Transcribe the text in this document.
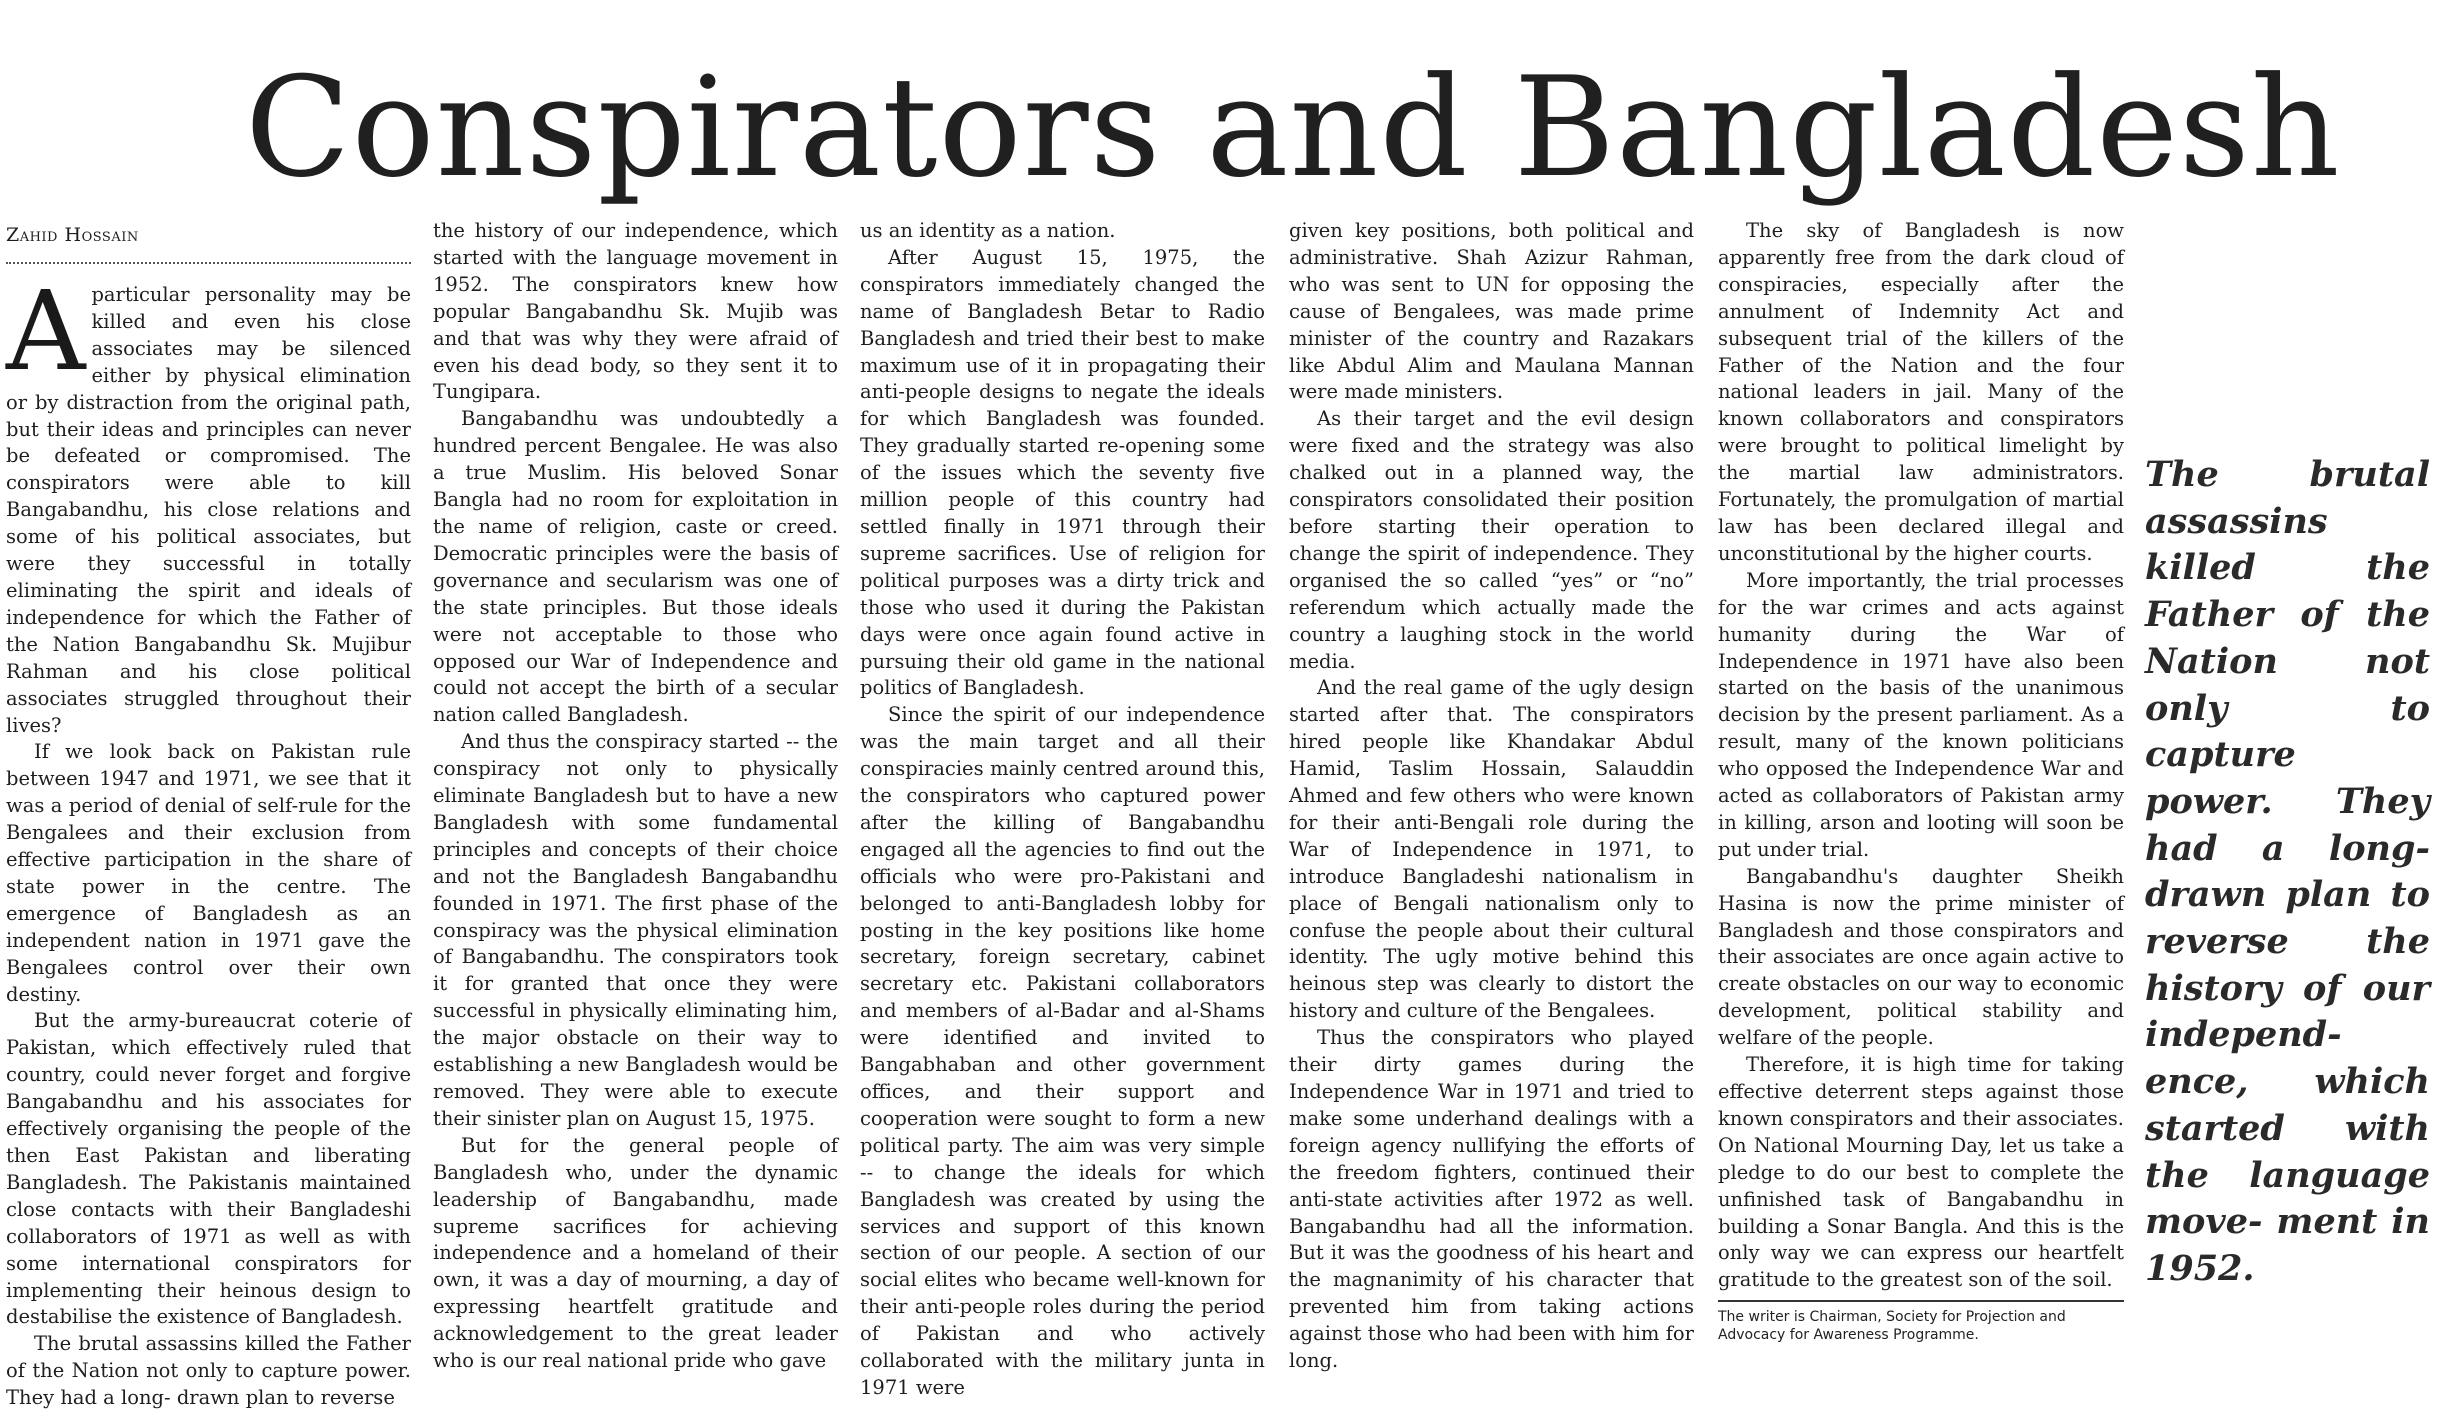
Conspirators and Bangladesh
Zahid Hossain

Aparticular personality may be killed and even his close associates may be silenced either by physical elimination or by distraction from the original path, but their ideas and principles can never be defeated or compromised. The conspirators were able to kill Bangabandhu, his close relations and some of his political associates, but were they successful in totally eliminating the spirit and ideals of independence for which the Father of the Nation Bangabandhu Sk. Mujibur Rahman and his close political associates struggled throughout their lives?

If we look back on Pakistan rule between 1947 and 1971, we see that it was a period of denial of self-rule for the Bengalees and their exclusion from effective participation in the share of state power in the centre. The emergence of Bangladesh as an independent nation in 1971 gave the Bengalees control over their own destiny.

But the army-bureaucrat coterie of Pakistan, which effectively ruled that country, could never forget and forgive Bangabandhu and his associates for effectively organising the people of the then East Pakistan and liberating Bangladesh. The Pakistanis maintained close contacts with their Bangladeshi collaborators of 1971 as well as with some international conspirators for implementing their heinous design to destabilise the existence of Bangladesh.

The brutal assassins killed the Father of the Nation not only to capture power. They had a long- drawn plan to reverse

the history of our independence, which started with the language movement in 1952. The conspirators knew how popular Bangabandhu Sk. Mujib was and that was why they were afraid of even his dead body, so they sent it to Tungipara.

Bangabandhu was undoubtedly a hundred percent Bengalee. He was also a true Muslim. His beloved Sonar Bangla had no room for exploitation in the name of religion, caste or creed. Democratic principles were the basis of governance and secularism was one of the state principles. But those ideals were not acceptable to those who opposed our War of Independence and could not accept the birth of a secular nation called Bangladesh.

And thus the conspiracy started -- the conspiracy not only to physically eliminate Bangladesh but to have a new Bangladesh with some fundamental principles and concepts of their choice and not the Bangladesh Bangabandhu founded in 1971. The first phase of the conspiracy was the physical elimination of Bangabandhu. The conspirators took it for granted that once they were successful in physically eliminating him, the major obstacle on their way to establishing a new Bangladesh would be removed. They were able to execute their sinister plan on August 15, 1975.

But for the general people of Bangladesh who, under the dynamic leadership of Bangabandhu, made supreme sacrifices for achieving independence and a homeland of their own, it was a day of mourning, a day of expressing heartfelt gratitude and acknowledgement to the great leader who is our real national pride who gave

us an identity as a nation.

After August 15, 1975, the conspirators immediately changed the name of Bangladesh Betar to Radio Bangladesh and tried their best to make maximum use of it in propagating their anti-people designs to negate the ideals for which Bangladesh was founded. They gradually started re-opening some of the issues which the seventy five million people of this country had settled finally in 1971 through their supreme sacrifices. Use of religion for political purposes was a dirty trick and those who used it during the Pakistan days were once again found active in pursuing their old game in the national politics of Bangladesh.

Since the spirit of our independence was the main target and all their conspiracies mainly centred around this, the conspirators who captured power after the killing of Bangabandhu engaged all the agencies to find out the officials who were pro-Pakistani and belonged to anti-Bangladesh lobby for posting in the key positions like home secretary, foreign secretary, cabinet secretary etc. Pakistani collaborators and members of al-Badar and al-Shams were identified and invited to Bangabhaban and other government offices, and their support and cooperation were sought to form a new political party. The aim was very simple -- to change the ideals for which Bangladesh was created by using the services and support of this known section of our people. A section of our social elites who became well-known for their anti-people roles during the period of Pakistan and who actively collaborated with the military junta in 1971 were

given key positions, both political and administrative. Shah Azizur Rahman, who was sent to UN for opposing the cause of Bengalees, was made prime minister of the country and Razakars like Abdul Alim and Maulana Mannan were made ministers.

As their target and the evil design were fixed and the strategy was also chalked out in a planned way, the conspirators consolidated their position before starting their operation to change the spirit of independence. They organised the so called “yes” or “no” referendum which actually made the country a laughing stock in the world media.

And the real game of the ugly design started after that. The conspirators hired people like Khandakar Abdul Hamid, Taslim Hossain, Salauddin Ahmed and few others who were known for their anti-Bengali role during the War of Independence in 1971, to introduce Bangladeshi nationalism in place of Bengali nationalism only to confuse the people about their cultural identity. The ugly motive behind this heinous step was clearly to distort the history and culture of the Bengalees.

Thus the conspirators who played their dirty games during the Independence War in 1971 and tried to make some underhand dealings with a foreign agency nullifying the efforts of the freedom fighters, continued their anti-state activities after 1972 as well. Bangabandhu had all the information. But it was the goodness of his heart and the magnanimity of his character that prevented him from taking actions against those who had been with him for long.

The sky of Bangladesh is now apparently free from the dark cloud of conspiracies, especially after the annulment of Indemnity Act and subsequent trial of the killers of the Father of the Nation and the four national leaders in jail. Many of the known collaborators and conspirators were brought to political limelight by the martial law administrators. Fortunately, the promulgation of martial law has been declared illegal and unconstitutional by the higher courts.

More importantly, the trial processes for the war crimes and acts against humanity during the War of Independence in 1971 have also been started on the basis of the unanimous decision by the present parliament. As a result, many of the known politicians who opposed the Independence War and acted as collaborators of Pakistan army in killing, arson and looting will soon be put under trial.

Bangabandhu's daughter Sheikh Hasina is now the prime minister of Bangladesh and those conspirators and their associates are once again active to create obstacles on our way to economic development, political stability and welfare of the people.

Therefore, it is high time for taking effective deterrent steps against those known conspirators and their associates. On National Mourning Day, let us take a pledge to do our best to complete the unfinished task of Bangabandhu in building a Sonar Bangla. And this is the only way we can express our heartfelt gratitude to the greatest son of the soil.

The brutal assassins killed the Father of the Nation not only to capture power. They had a long- drawn plan to reverse the history of our independ- ence, which started with the language move- ment in 1952.
The writer is Chairman, Society for Projection and Advocacy for Awareness Programme.
